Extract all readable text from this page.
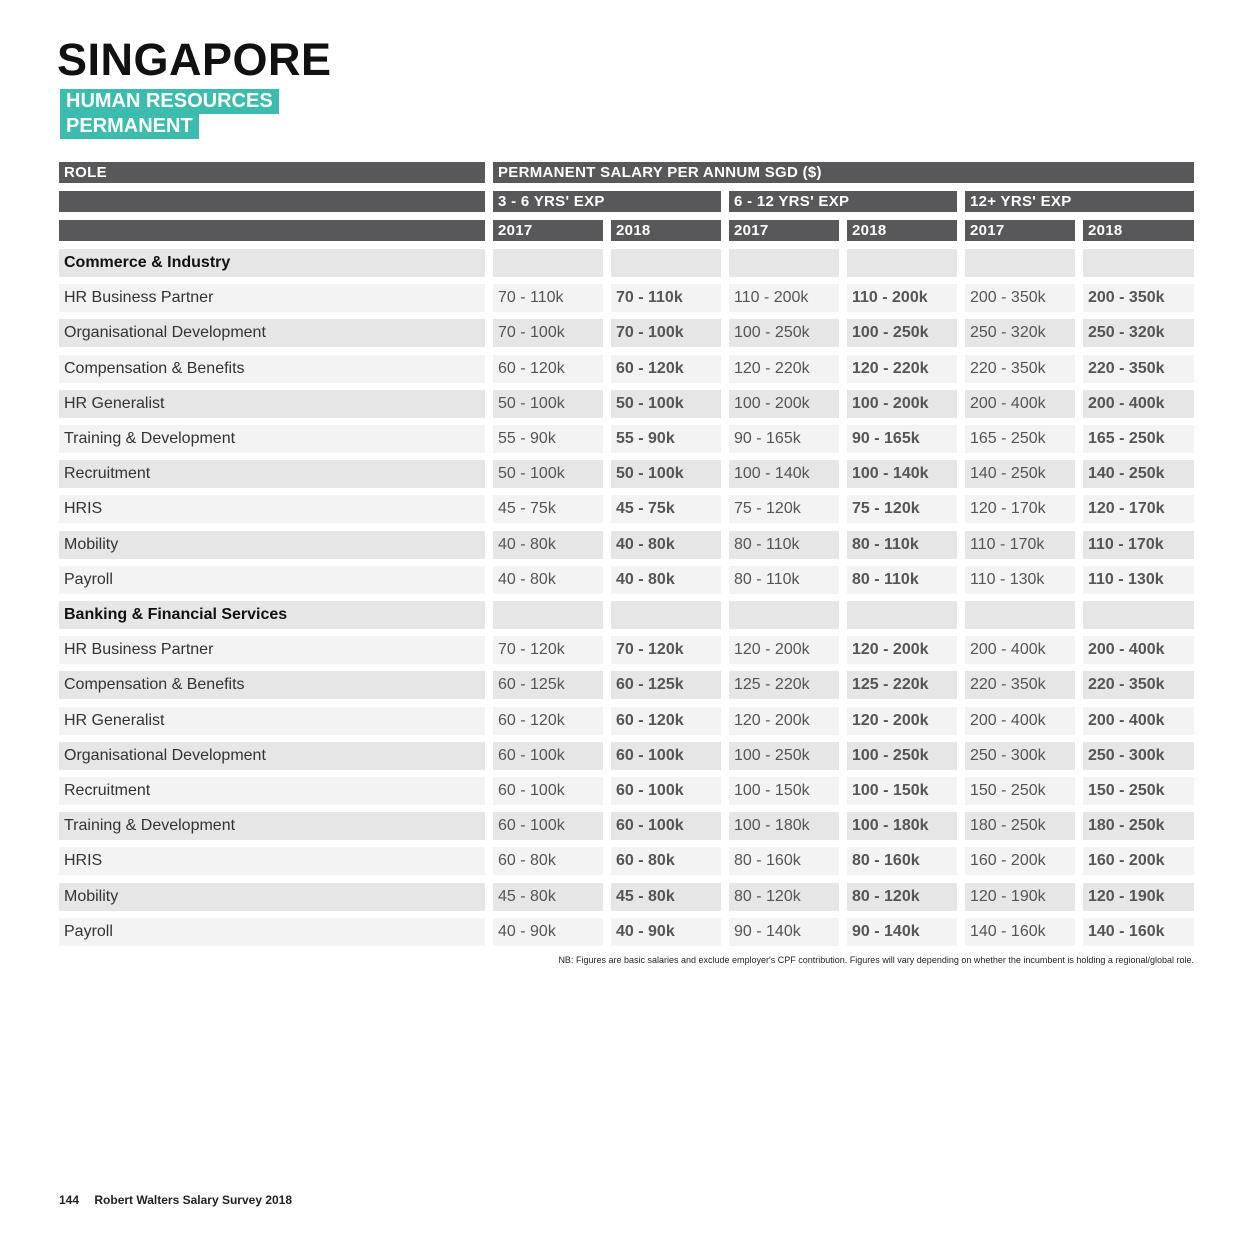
SINGAPORE
HUMAN RESOURCES
PERMANENT
ROLE	PERMANENT SALARY PER ANNUM SGD ($)
3 - 6 YRS' EXP	6 - 12 YRS' EXP	12+ YRS' EXP
2017	2018	2017	2018	2017	2018
Commerce & Industry
HR Business Partner	70 - 110k	70 - 110k	110 - 200k	110 - 200k	200 - 350k	200 - 350k
Organisational Development	70 - 100k	70 - 100k	100 - 250k	100 - 250k	250 - 320k	250 - 320k
Compensation & Benefits	60 - 120k	60 - 120k	120 - 220k	120 - 220k	220 - 350k	220 - 350k
HR Generalist	50 - 100k	50 - 100k	100 - 200k	100 - 200k	200 - 400k	200 - 400k
Training & Development	55 - 90k	55 - 90k	90 - 165k	90 - 165k	165 - 250k	165 - 250k
Recruitment	50 - 100k	50 - 100k	100 - 140k	100 - 140k	140 - 250k	140 - 250k
HRIS	45 - 75k	45 - 75k	75 - 120k	75 - 120k	120 - 170k	120 - 170k
Mobility	40 - 80k	40 - 80k	80 - 110k	80 - 110k	110 - 170k	110 - 170k
Payroll	40 - 80k	40 - 80k	80 - 110k	80 - 110k	110 - 130k	110 - 130k
Banking & Financial Services
HR Business Partner	70 - 120k	70 - 120k	120 - 200k	120 - 200k	200 - 400k	200 - 400k
Compensation & Benefits	60 - 125k	60 - 125k	125 - 220k	125 - 220k	220 - 350k	220 - 350k
HR Generalist	60 - 120k	60 - 120k	120 - 200k	120 - 200k	200 - 400k	200 - 400k
Organisational Development	60 - 100k	60 - 100k	100 - 250k	100 - 250k	250 - 300k	250 - 300k
Recruitment	60 - 100k	60 - 100k	100 - 150k	100 - 150k	150 - 250k	150 - 250k
Training & Development	60 - 100k	60 - 100k	100 - 180k	100 - 180k	180 - 250k	180 - 250k
HRIS	60 - 80k	60 - 80k	80 - 160k	80 - 160k	160 - 200k	160 - 200k
Mobility	45 - 80k	45 - 80k	80 - 120k	80 - 120k	120 - 190k	120 - 190k
Payroll	40 - 90k	40 - 90k	90 - 140k	90 - 140k	140 - 160k	140 - 160k
NB: Figures are basic salaries and exclude employer's CPF contribution. Figures will vary depending on whether the incumbent is holding a regional/global role.
144 Robert Walters Salary Survey 2018
